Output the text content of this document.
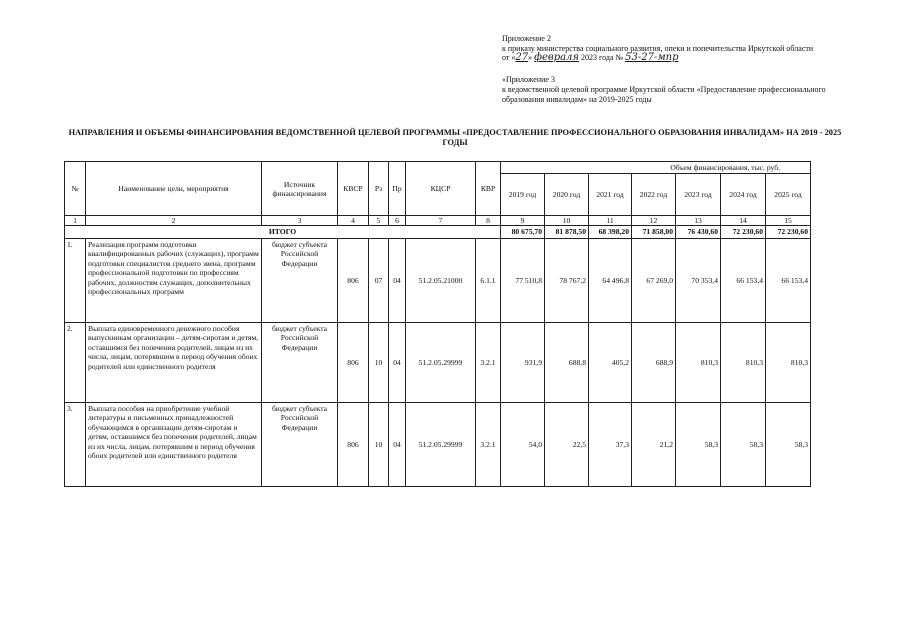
Приложение 2
к приказу министерства социального развития, опеки и попечительства Иркутской области
от «27» февраля 2023 года № 53-27-мпр
«Приложение 3
к ведомственной целевой программе Иркутской области «Предоставление профессионального
образования инвалидам» на 2019-2025 годы
НАПРАВЛЕНИЯ И ОБЪЕМЫ ФИНАНСИРОВАНИЯ ВЕДОМСТВЕННОЙ ЦЕЛЕВОЙ ПРОГРАММЫ «ПРЕДОСТАВЛЕНИЕ ПРОФЕССИОНАЛЬНОГО ОБРАЗОВАНИЯ ИНВАЛИДАМ» НА 2019 - 2025 ГОДЫ
№	Наименование цели, мероприятия	Источник финансирования	КВСР	Рз	Пр	КЦСР	КВР	Объем финансирования, тыс. руб.						
								2019 год	2020 год	2021 год	2022 год	2023 год	2024 год	2025 год
1	2	3	4	5	6	7	8	9	10	11	12	13	14	15
ИТОГО								80 675,70	81 878,50	68 398,20	71 858,00	76 430,60	72 230,60	72 230,60
1.	Реализация программ подготовки квалифицированных рабочих (служащих), программ подготовки специалистов среднего звена, программ профессиональной подготовки по профессиям рабочих, должностям служащих, дополнительных профессиональных программ	бюджет субъекта Российской Федерации	806	07	04	51.2.05.21000	6.1.1	77 510,8	78 767,2	64 496,8	67 269,0	70 353,4	66 153,4	66 153,4
2.	Выплата единовременного денежного пособия выпускникам организации – детям-сиротам и детям, оставшимся без попечения родителей, лицам из их числа, лицам, потерявшим в период обучения обоих родителей или единственного родителя	бюджет субъекта Российской Федерации	806	10	04	51.2.05.29999	3.2.1	931,9	688,8	405,2	688,9	810,3	810,3	810,3
3.	Выплата пособия на приобретение учебной литературы и письменных принадлежностей обучающимся в организации детям-сиротам и детям, оставшимся без попечения родителей, лицам из их числа, лицам, потерявшим в период обучения обоих родителей или единственного родителя	бюджет субъекта Российской Федерации	806	10	04	51.2.05.29999	3.2.1	54,0	22,5	37,3	21,2	58,3	58,3	58,3
